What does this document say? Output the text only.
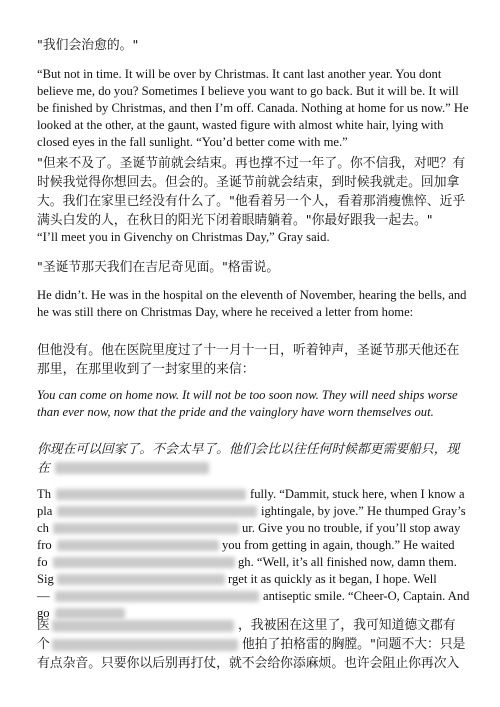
"我们会治愈的。"

“But not in time. It will be over by Christmas. It cant last another year. You dont believe me, do you? Sometimes I believe you want to go back. But it will be. It will be finished by Christmas, and then I’m off. Canada. Nothing at home for us now.” He looked at the other, at the gaunt, wasted figure with almost white hair, lying with closed eyes in the fall sunlight. “You’d better come with me.”

"但来不及了。圣诞节前就会结束。再也撑不过一年了。你不信我，对吧？有时候我觉得你想回去。但会的。圣诞节前就会结束，到时候我就走。回加拿大。我们在家里已经没有什么了。"他看着另一个人，看着那消瘦憔悴、近乎满头白发的人，在秋日的阳光下闭着眼睛躺着。"你最好跟我一起去。"

“I’ll meet you in Givenchy on Christmas Day,” Gray said.

"圣诞节那天我们在吉尼奇见面。"格雷说。

He didn’t. He was in the hospital on the eleventh of November, hearing the bells, and he was still there on Christmas Day, where he received a letter from home:

但他没有。他在医院里度过了十一月十一日，听着钟声，圣诞节那天他还在那里，在那里收到了一封家里的来信：

You can come on home now. It will not be too soon now. They will need ships worse than ever now, now that the pride and the vainglory have worn themselves out.

你现在可以回家了。不会太早了。他们会比以往任何时候都更需要船只，现在

Th	fully. “Dammit, stuck here, when I know a
pla	ightingale, by jove.” He thumped Gray’s
ch	ur. Give you no trouble, if you’ll stop away
fro	you from getting in again, though.” He waited
fo	gh. “Well, it’s all finished now, damn them.
Sig	rget it as quickly as it began, I hope. Well
—	antiseptic smile. “Cheer-O, Captain. And
go
医	，我被困在这里了，我可知道德文郡有
个	他拍了拍格雷的胸膛。"问题不大：只是
有点杂音。只要你以后别再打仗，就不会给你添麻烦。也许会阻止你再次入
